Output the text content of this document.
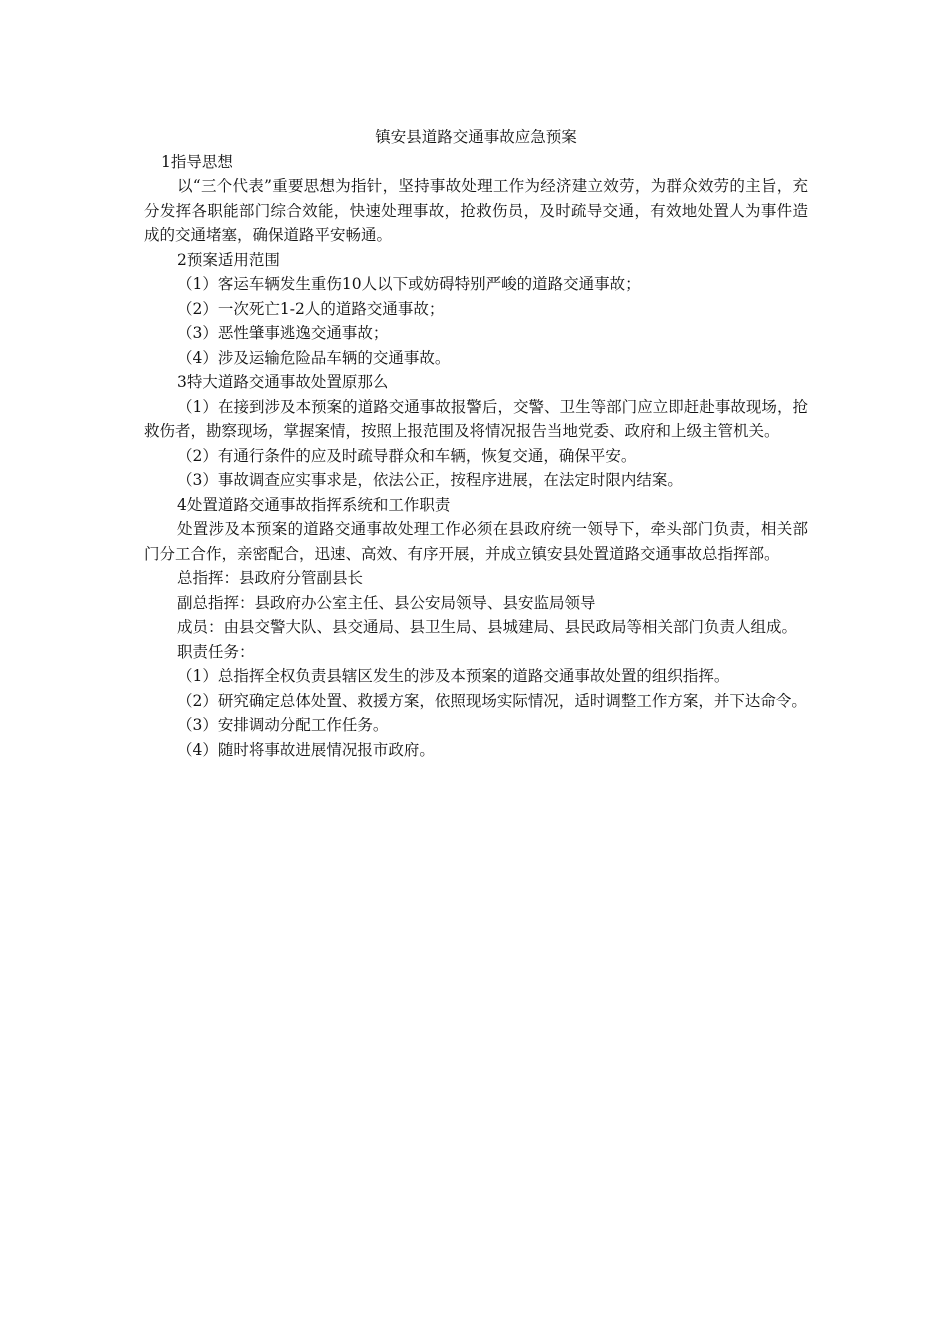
镇安县道路交通事故应急预案

1指导思想

以“三个代表”重要思想为指针，坚持事故处理工作为经济建立效劳，为群众效劳的主旨，充分发挥各职能部门综合效能，快速处理事故，抢救伤员，及时疏导交通，有效地处置人为事件造成的交通堵塞，确保道路平安畅通。

2预案适用范围

（1）客运车辆发生重伤10人以下或妨碍特别严峻的道路交通事故；

（2）一次死亡1-2人的道路交通事故；

（3）恶性肇事逃逸交通事故；

（4）涉及运输危险品车辆的交通事故。

3特大道路交通事故处置原那么

（1）在接到涉及本预案的道路交通事故报警后，交警、卫生等部门应立即赶赴事故现场，抢救伤者，勘察现场，掌握案情，按照上报范围及将情况报告当地党委、政府和上级主管机关。

（2）有通行条件的应及时疏导群众和车辆，恢复交通，确保平安。

（3）事故调查应实事求是，依法公正，按程序进展，在法定时限内结案。

4处置道路交通事故指挥系统和工作职责

处置涉及本预案的道路交通事故处理工作必须在县政府统一领导下，牵头部门负责，相关部门分工合作，亲密配合，迅速、高效、有序开展，并成立镇安县处置道路交通事故总指挥部。

总指挥：县政府分管副县长

副总指挥：县政府办公室主任、县公安局领导、县安监局领导

成员：由县交警大队、县交通局、县卫生局、县城建局、县民政局等相关部门负责人组成。

职责任务：

（1）总指挥全权负责县辖区发生的涉及本预案的道路交通事故处置的组织指挥。

（2）研究确定总体处置、救援方案，依照现场实际情况，适时调整工作方案，并下达命令。

（3）安排调动分配工作任务。

（4）随时将事故进展情况报市政府。
